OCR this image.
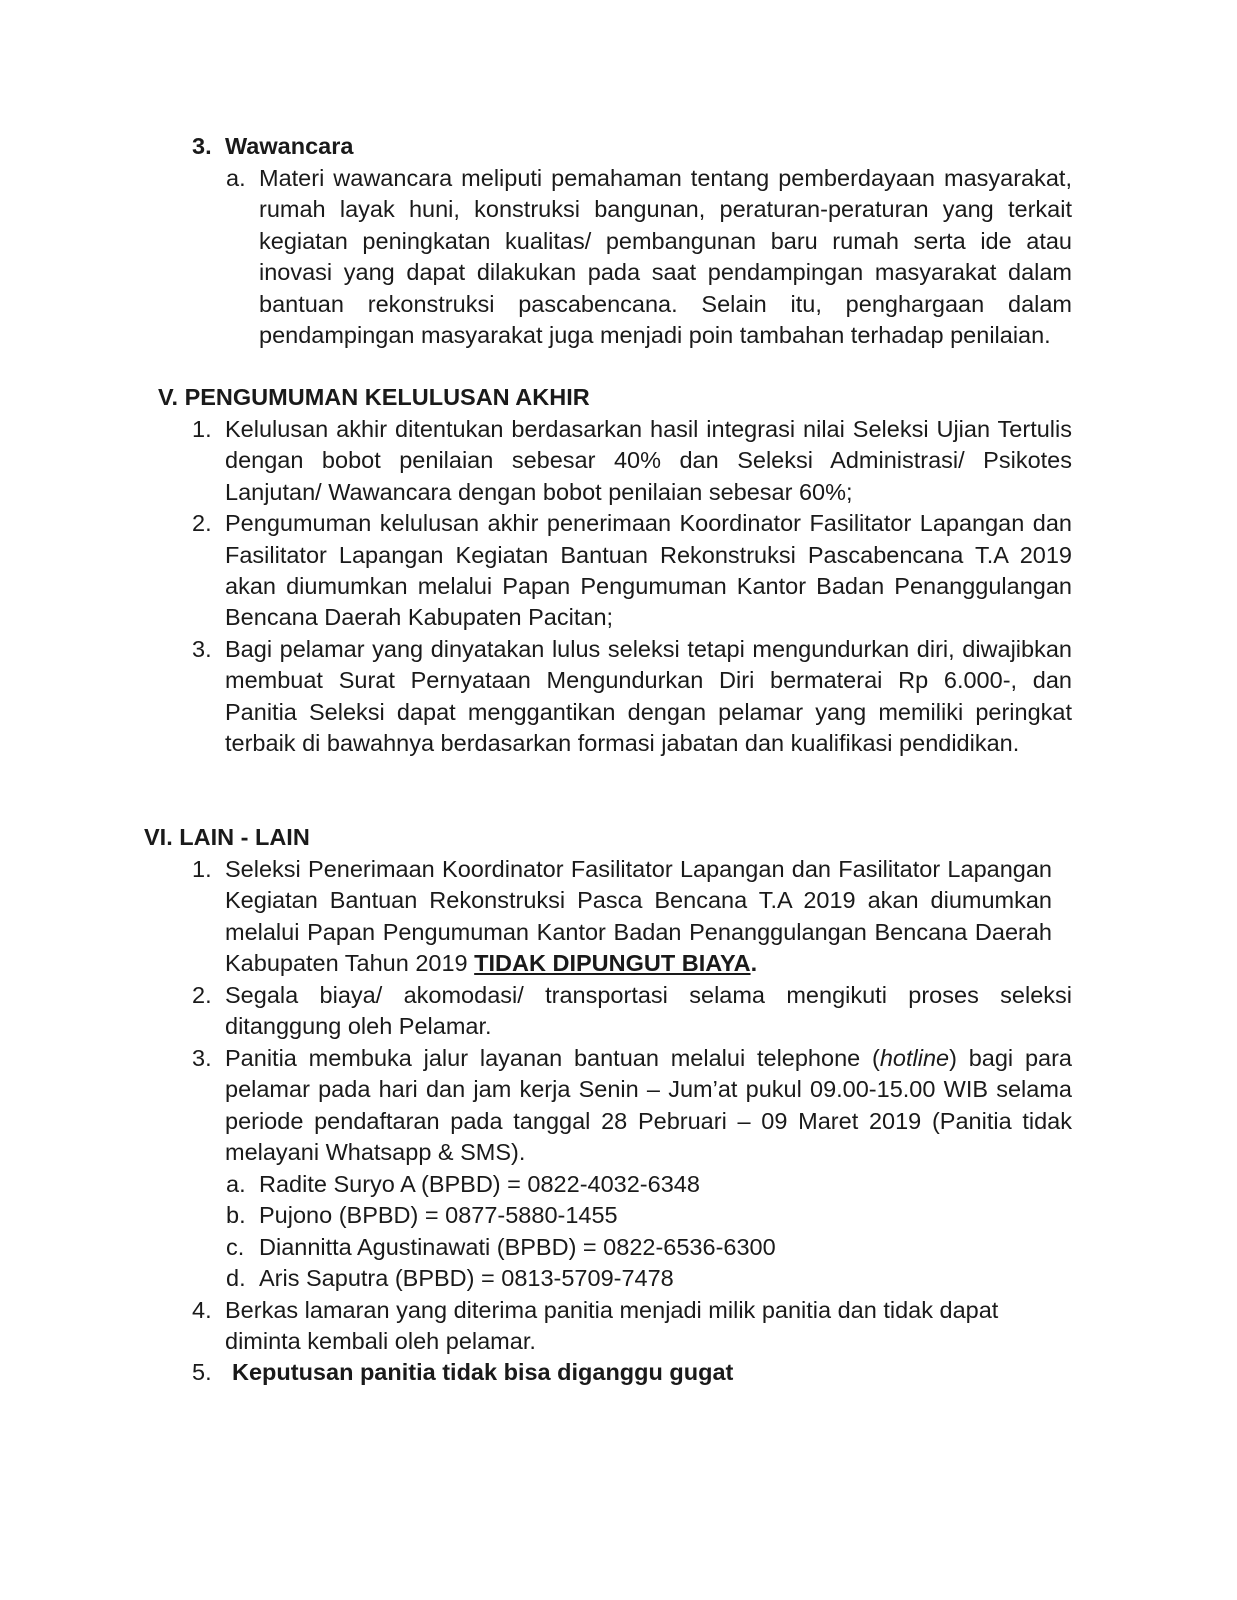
3. Wawancara
a. Materi wawancara meliputi pemahaman tentang pemberdayaan masyarakat, rumah layak huni, konstruksi bangunan, peraturan-peraturan yang terkait kegiatan peningkatan kualitas/ pembangunan baru rumah serta ide atau inovasi yang dapat dilakukan pada saat pendampingan masyarakat dalam bantuan rekonstruksi pascabencana. Selain itu, penghargaan dalam pendampingan masyarakat juga menjadi poin tambahan terhadap penilaian.
V. PENGUMUMAN KELULUSAN AKHIR
1. Kelulusan akhir ditentukan berdasarkan hasil integrasi nilai Seleksi Ujian Tertulis dengan bobot penilaian sebesar 40% dan Seleksi Administrasi/ Psikotes Lanjutan/ Wawancara dengan bobot penilaian sebesar 60%;
2. Pengumuman kelulusan akhir penerimaan Koordinator Fasilitator Lapangan dan Fasilitator Lapangan Kegiatan Bantuan Rekonstruksi Pascabencana T.A 2019 akan diumumkan melalui Papan Pengumuman Kantor Badan Penanggulangan Bencana Daerah Kabupaten Pacitan;
3. Bagi pelamar yang dinyatakan lulus seleksi tetapi mengundurkan diri, diwajibkan membuat Surat Pernyataan Mengundurkan Diri bermaterai Rp 6.000-, dan Panitia Seleksi dapat menggantikan dengan pelamar yang memiliki peringkat terbaik di bawahnya berdasarkan formasi jabatan dan kualifikasi pendidikan.
VI. LAIN - LAIN
1. Seleksi Penerimaan Koordinator Fasilitator Lapangan dan Fasilitator Lapangan Kegiatan Bantuan Rekonstruksi Pasca Bencana T.A 2019 akan diumumkan melalui Papan Pengumuman Kantor Badan Penanggulangan Bencana Daerah Kabupaten Tahun 2019 TIDAK DIPUNGUT BIAYA.
2. Segala biaya/ akomodasi/ transportasi selama mengikuti proses seleksi ditanggung oleh Pelamar.
3. Panitia membuka jalur layanan bantuan melalui telephone (hotline) bagi para pelamar pada hari dan jam kerja Senin – Jum’at pukul 09.00-15.00 WIB selama periode pendaftaran pada tanggal 28 Pebruari – 09 Maret 2019 (Panitia tidak melayani Whatsapp & SMS).
a. Radite Suryo A (BPBD) = 0822-4032-6348
b. Pujono (BPBD) = 0877-5880-1455
c. Diannitta Agustinawati (BPBD) = 0822-6536-6300
d. Aris Saputra (BPBD) = 0813-5709-7478
4. Berkas lamaran yang diterima panitia menjadi milik panitia dan tidak dapat diminta kembali oleh pelamar.
5. Keputusan panitia tidak bisa diganggu gugat
